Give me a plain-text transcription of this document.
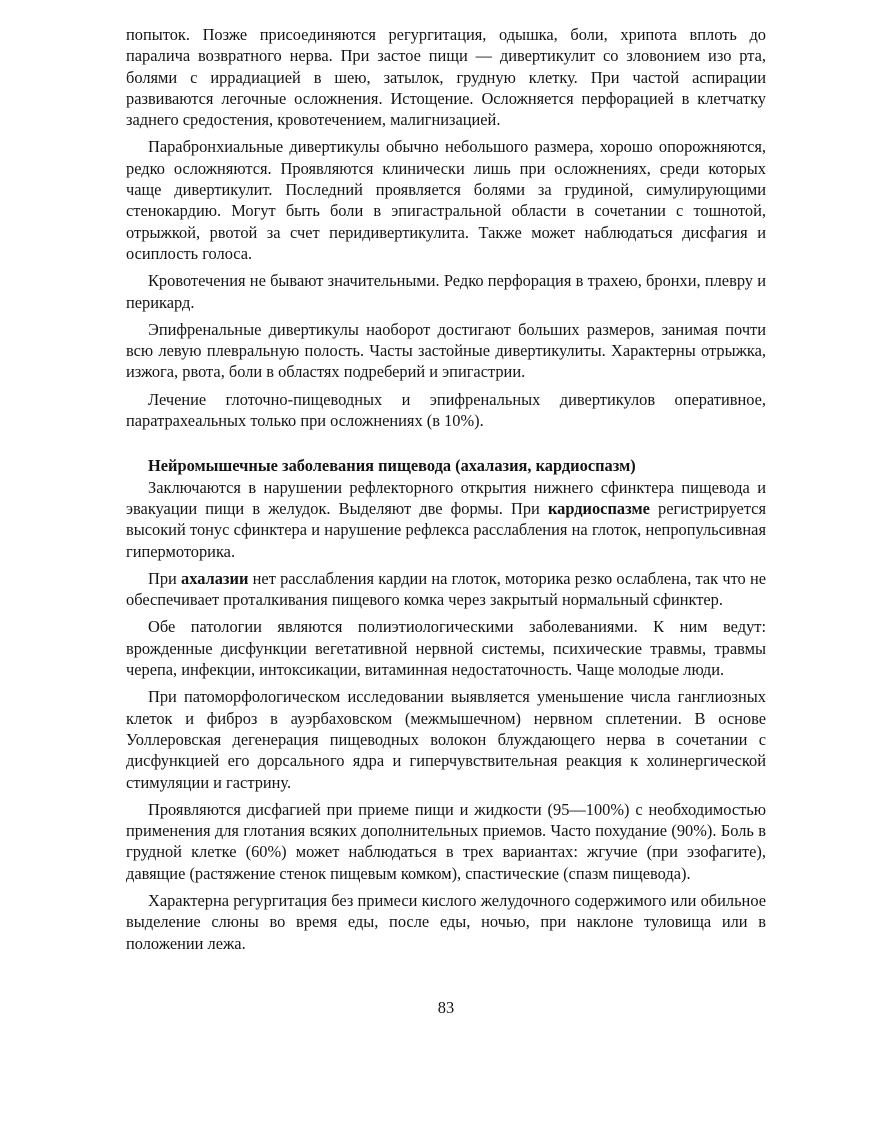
попыток. Позже присоединяются регургитация, одышка, боли, хрипота вплоть до паралича возвратного нерва. При застое пищи — дивертикулит со зловонием изо рта, болями с иррадиацией в шею, затылок, грудную клетку. При частой аспирации развиваются легочные осложнения. Истощение. Осложняется перфорацией в клетчатку заднего средостения, кровотечением, малигнизацией.

Парабронхиальные дивертикулы обычно небольшого размера, хорошо опорожняются, редко осложняются. Проявляются клинически лишь при осложнениях, среди которых чаще дивертикулит. Последний проявляется болями за грудиной, симулирующими стенокардию. Могут быть боли в эпигастральной области в сочетании с тошнотой, отрыжкой, рвотой за счет перидивертикулита. Также может наблюдаться дисфагия и осиплость голоса.

Кровотечения не бывают значительными. Редко перфорация в трахею, бронхи, плевру и перикард.

Эпифренальные дивертикулы наоборот достигают больших размеров, занимая почти всю левую плевральную полость. Часты застойные дивертикулиты. Характерны отрыжка, изжога, рвота, боли в областях подреберий и эпигастрии.

Лечение глоточно-пищеводных и эпифренальных дивертикулов оперативное, паратрахеальных только при осложнениях (в 10%).

Нейромышечные заболевания пищевода (ахалазия, кардиоспазм)

Заключаются в нарушении рефлекторного открытия нижнего сфинктера пищевода и эвакуации пищи в желудок. Выделяют две формы. При кардиоспазме регистрируется высокий тонус сфинктера и нарушение рефлекса расслабления на глоток, непропульсивная гипермоторика.

При ахалазии нет расслабления кардии на глоток, моторика резко ослаблена, так что не обеспечивает проталкивания пищевого комка через закрытый нормальный сфинктер.

Обе патологии являются полиэтиологическими заболеваниями. К ним ведут: врожденные дисфункции вегетативной нервной системы, психические травмы, травмы черепа, инфекции, интоксикации, витаминная недостаточность. Чаще молодые люди.

При патоморфологическом исследовании выявляется уменьшение числа ганглиозных клеток и фиброз в ауэрбаховском (межмышечном) нервном сплетении. В основе Уоллеровская дегенерация пищеводных волокон блуждающего нерва в сочетании с дисфункцией его дорсального ядра и гиперчувствительная реакция к холинергической стимуляции и гастрину.

Проявляются дисфагией при приеме пищи и жидкости (95—100%) с необходимостью применения для глотания всяких дополнительных приемов. Часто похудание (90%). Боль в грудной клетке (60%) может наблюдаться в трех вариантах: жгучие (при эзофагите), давящие (растяжение стенок пищевым комком), спастические (спазм пищевода).

Характерна регургитация без примеси кислого желудочного содержимого или обильное выделение слюны во время еды, после еды, ночью, при наклоне туловища или в положении лежа.

83
